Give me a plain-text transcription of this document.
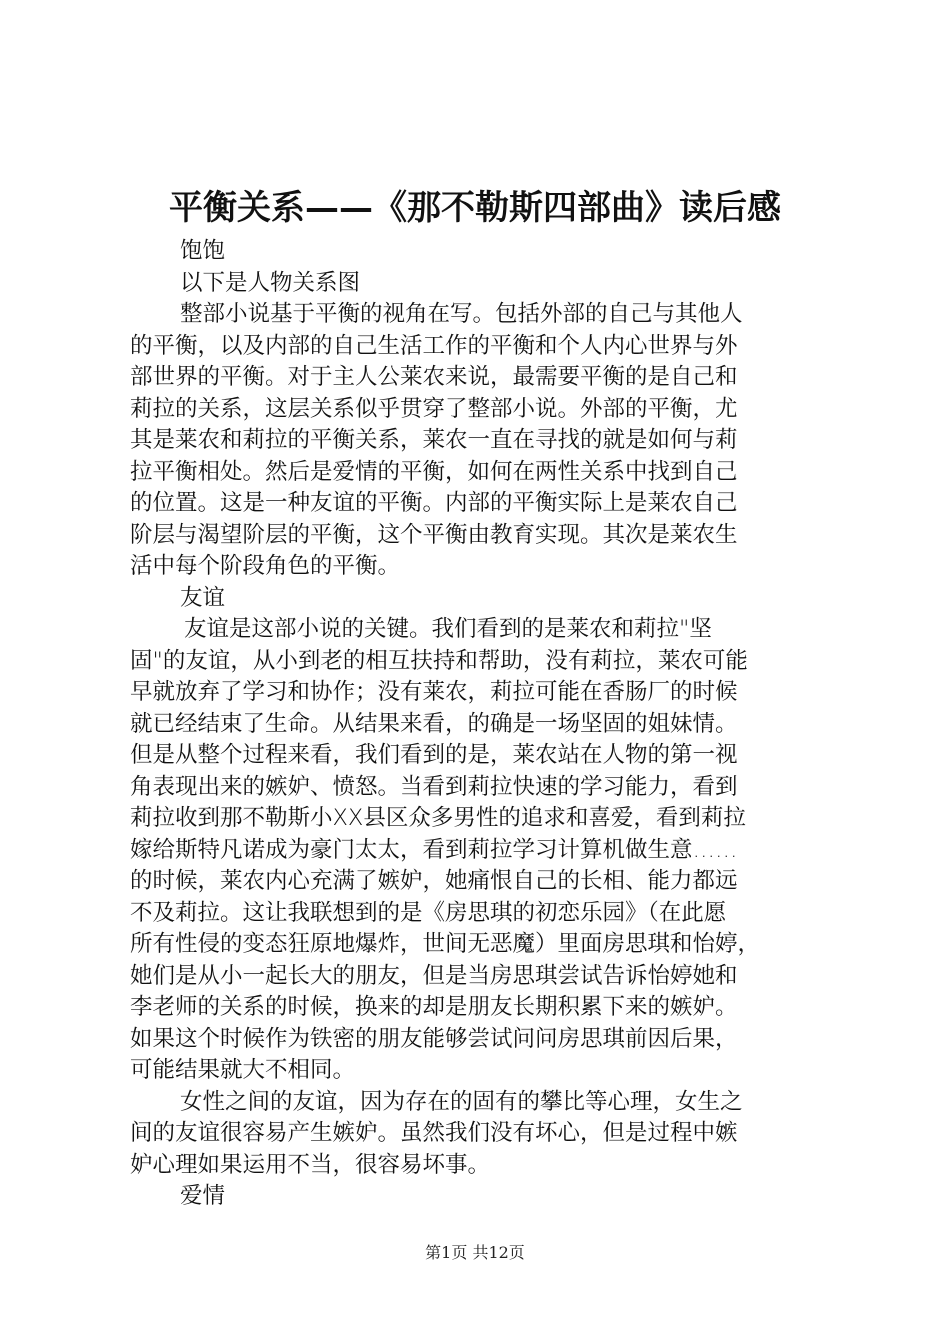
平衡关系——《那不勒斯四部曲》读后感
饱饱
以下是人物关系图
整部小说基于平衡的视角在写。包括外部的自己与其他人
的平衡，以及内部的自己生活工作的平衡和个人内心世界与外
部世界的平衡。对于主人公莱农来说，最需要平衡的是自己和
莉拉的关系，这层关系似乎贯穿了整部小说。外部的平衡，尤
其是莱农和莉拉的平衡关系，莱农一直在寻找的就是如何与莉
拉平衡相处。然后是爱情的平衡，如何在两性关系中找到自己
的位置。这是一种友谊的平衡。内部的平衡实际上是莱农自己
阶层与渴望阶层的平衡，这个平衡由教育实现。其次是莱农生
活中每个阶段角色的平衡。
友谊
友谊是这部小说的关键。我们看到的是莱农和莉拉"坚
固"的友谊，从小到老的相互扶持和帮助，没有莉拉，莱农可能
早就放弃了学习和协作；没有莱农，莉拉可能在香肠厂的时候
就已经结束了生命。从结果来看，的确是一场坚固的姐妹情。
但是从整个过程来看，我们看到的是，莱农站在人物的第一视
角表现出来的嫉妒、愤怒。当看到莉拉快速的学习能力，看到
莉拉收到那不勒斯小XX县区众多男性的追求和喜爱，看到莉拉
嫁给斯特凡诺成为豪门太太，看到莉拉学习计算机做生意……
的时候，莱农内心充满了嫉妒，她痛恨自己的长相、能力都远
不及莉拉。这让我联想到的是《房思琪的初恋乐园》（在此愿
所有性侵的变态狂原地爆炸，世间无恶魔）里面房思琪和怡婷，
她们是从小一起长大的朋友，但是当房思琪尝试告诉怡婷她和
李老师的关系的时候，换来的却是朋友长期积累下来的嫉妒。
如果这个时候作为铁密的朋友能够尝试问问房思琪前因后果，
可能结果就大不相同。
女性之间的友谊，因为存在的固有的攀比等心理，女生之
间的友谊很容易产生嫉妒。虽然我们没有坏心，但是过程中嫉
妒心理如果运用不当，很容易坏事。
爱情
第1页 共12页
